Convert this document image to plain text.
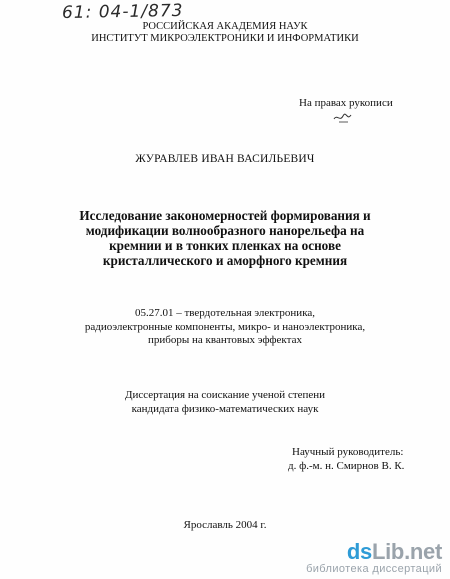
61: 04-1/873
РОССИЙСКАЯ АКАДЕМИЯ НАУК
ИНСТИТУТ МИКРОЭЛЕКТРОНИКИ И ИНФОРМАТИКИ
На правах рукописи
ЖУРАВЛЕВ ИВАН ВАСИЛЬЕВИЧ
Исследование закономерностей формирования и
модификации волнообразного нанорельефа на
кремнии и в тонких пленках на основе
кристаллического и аморфного кремния
05.27.01 – твердотельная электроника,
радиоэлектронные компоненты, микро- и наноэлектроника,
приборы на квантовых эффектах
Диссертация на соискание ученой степени
кандидата физико-математических наук
Научный руководитель:
д. ф.-м. н. Смирнов В. К.
Ярославль 2004 г.
dsLib.net
библиотека диссертаций
